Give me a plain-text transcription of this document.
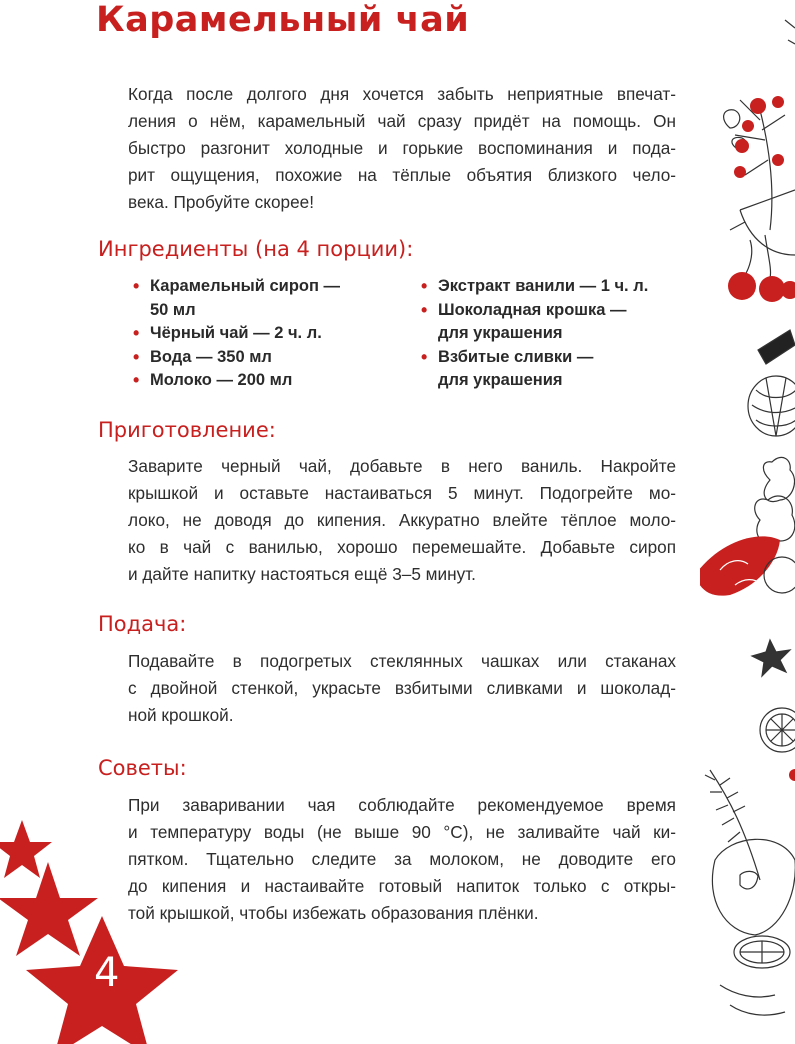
Карамельный чай
Когда после долгого дня хочется забыть неприятные впечат-
ления о нём, карамельный чай сразу придёт на помощь. Он
быстро разгонит холодные и горькие воспоминания и пода-
рит ощущения, похожие на тёплые объятия близкого чело-
века. Пробуйте скорее!
Ингредиенты (на 4 порции):
• Карамельный сироп —
50 мл
• Чёрный чай — 2 ч. л.
• Вода — 350 мл
• Молоко — 200 мл
• Экстракт ванили — 1 ч. л.
• Шоколадная крошка —
для украшения
• Взбитые сливки —
для украшения
Приготовление:
Заварите черный чай, добавьте в него ваниль. Накройте
крышкой и оставьте настаиваться 5 минут. Подогрейте мо-
локо, не доводя до кипения. Аккуратно влейте тёплое моло-
ко в чай с ванилью, хорошо перемешайте. Добавьте сироп
и дайте напитку настояться ещё 3–5 минут.
Подача:
Подавайте в подогретых стеклянных чашках или стаканах
с двойной стенкой, украсьте взбитыми сливками и шоколад-
ной крошкой.
Советы:
При заваривании чая соблюдайте рекомендуемое время
и температуру воды (не выше 90 °С), не заливайте чай ки-
пятком. Тщательно следите за молоком, не доводите его
до кипения и настаивайте готовый напиток только с откры-
той крышкой, чтобы избежать образования плёнки.
4
